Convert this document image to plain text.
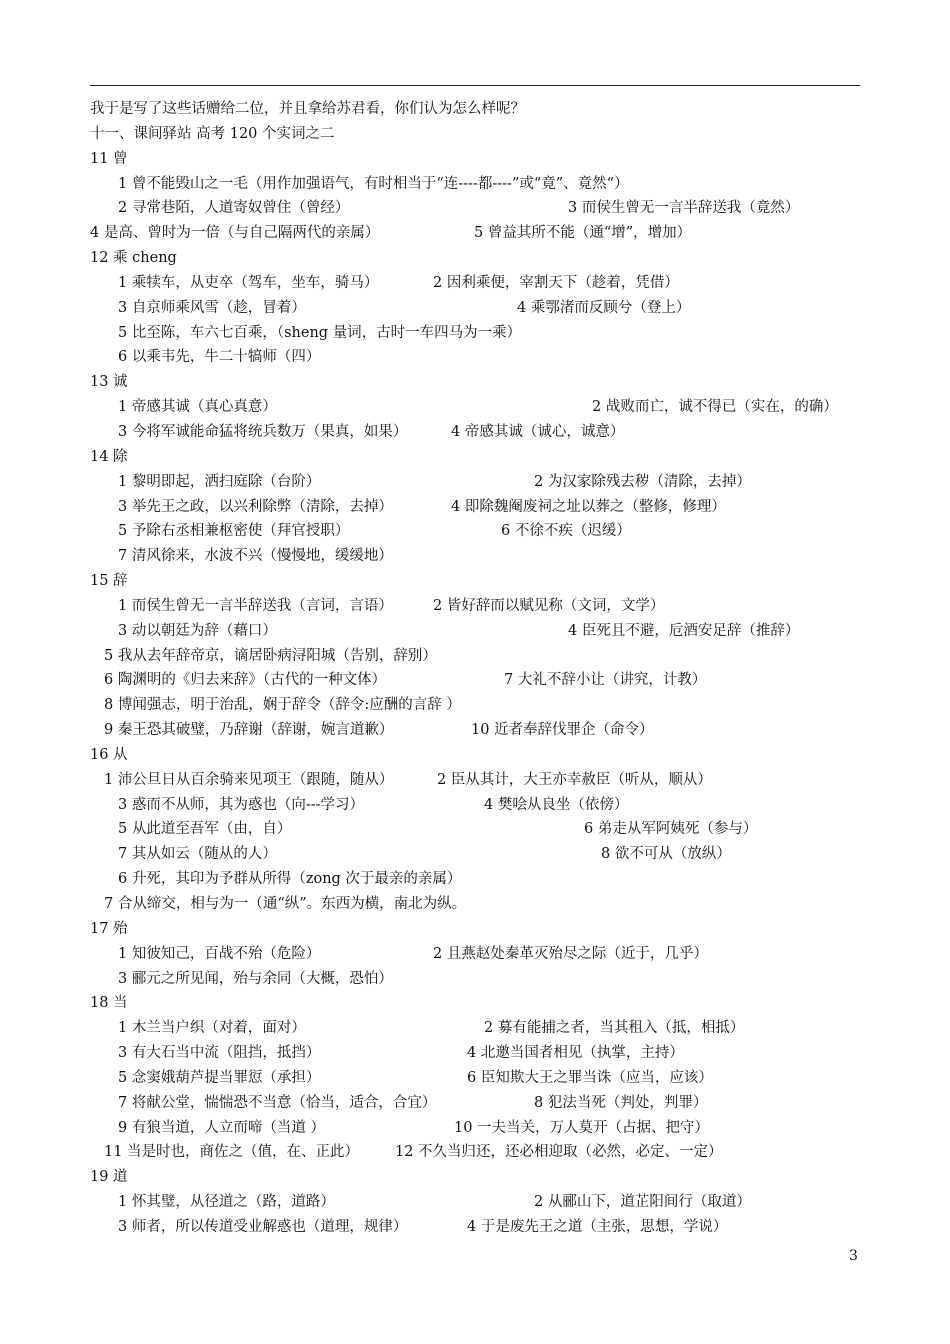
我于是写了这些话赠给二位，并且拿给苏君看，你们认为怎么样呢？
十一、课间驿站 高考 120 个实词之二
11 曾
1 曾不能毁山之一毛（用作加强语气，有时相当于“连----都----”或“竟”、竟然“）
2 寻常巷陌，人道寄奴曾住（曾经）	3 而侯生曾无一言半辞送我（竟然）
4 是高、曾时为一倍（与自己隔两代的亲属）	5 曾益其所不能（通“增”，增加）
12 乘 cheng
1 乘犊车，从吏卒（驾车，坐车，骑马）	2 因利乘便，宰割天下（趁着，凭借）
3 自京师乘风雪（趁，冒着）	4 乘鄂渚而反顾兮（登上）
5 比至陈，车六七百乘，（sheng 量词，古时一车四马为一乘）
6 以乘韦先，牛二十犒师（四）
13 诚
1 帝感其诚（真心真意）	2 战败而亡，诚不得已（实在，的确）
3 今将军诚能命猛将统兵数万（果真，如果）	4 帝感其诚（诚心，诚意）
14 除
1 黎明即起，洒扫庭除（台阶）	2 为汉家除残去秽（清除，去掉）
3 举先王之政，以兴利除弊（清除，去掉）	4 即除魏阉废祠之址以葬之（整修，修理）
5 予除右丞相兼枢密使（拜官授职）	6 不徐不疾（迟缓）
7 清风徐来，水波不兴（慢慢地，缓缓地）
15 辞
1 而侯生曾无一言半辞送我（言词，言语）	2 皆好辞而以赋见称（文词，文学）
3 动以朝廷为辞（藉口）	4 臣死且不避，卮酒安足辞（推辞）
5 我从去年辞帝京，谪居卧病浔阳城（告别，辞别）
6 陶渊明的《归去来辞》（古代的一种文体）	7 大礼不辞小让（讲究，计教）
8 博闻强志，明于治乱，娴于辞令（辞令:应酬的言辞 ）
9 秦王恐其破璧，乃辞谢（辞谢，婉言道歉）	10 近者奉辞伐罪企（命令）
16 从
1 沛公旦日从百余骑来见项王（跟随，随从）	2 臣从其计，大王亦幸赦臣（听从，顺从）
3 惑而不从师，其为惑也（向---学习）	4 樊哙从良坐（依傍）
5 从此道至吾军（由，自）	6 弟走从军阿姨死（参与）
7 其从如云（随从的人）	8 欲不可从（放纵）
6 升死，其印为予群从所得（zong 次于最亲的亲属）
7 合从缔交，相与为一（通“纵”。东西为横，南北为纵。
17 殆
1 知彼知己，百战不殆（危险）	2 且燕赵处秦革灭殆尽之际（近于，几乎）
3 郦元之所见闻，殆与余同（大概，恐怕）
18 当
1 木兰当户织（对着，面对）	2 募有能捕之者，当其租入（抵，相抵）
3 有大石当中流（阻挡，抵挡）	4 北邀当国者相见（执掌，主持）
5 念窦娥葫芦提当罪愆（承担）	6 臣知欺大王之罪当诛（应当，应该）
7 将献公堂，惴惴恐不当意（恰当，适合，合宜）	8 犯法当死（判处，判罪）
9 有狼当道，人立而啼（当道 ）	10 一夫当关，万人莫开（占据、把守）
11 当是时也，商佐之（值，在、正此） 12 不久当归还，还必相迎取（必然，必定、一定）
19 道
1 怀其璧，从径道之（路，道路）	2 从郦山下，道芷阳间行（取道）
3 师者，所以传道受业解惑也（道理，规律）	4 于是废先王之道（主张，思想，学说）
3
